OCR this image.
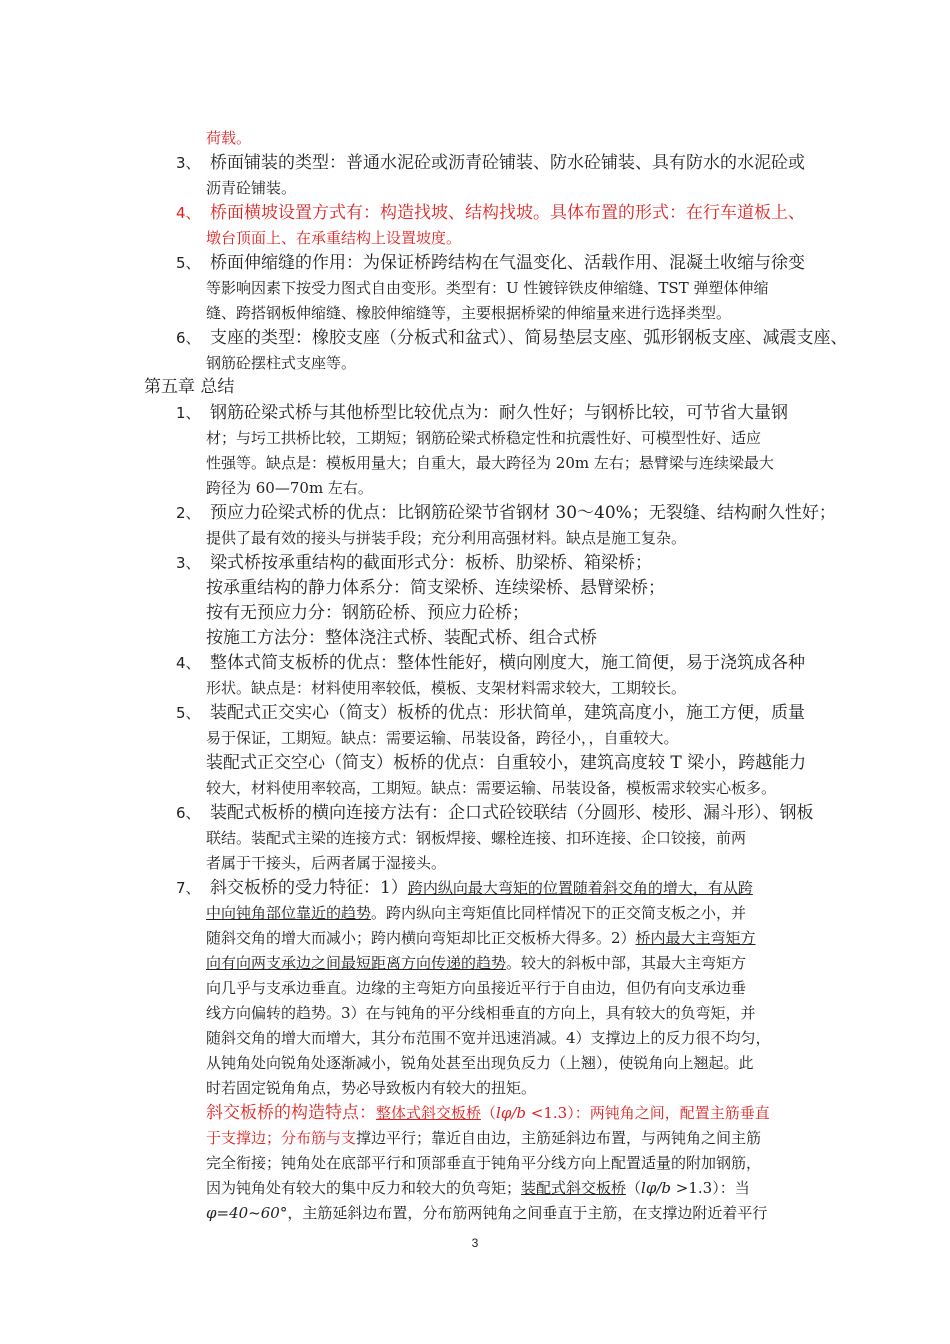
荷载。
3、 桥面铺装的类型：普通水泥砼或沥青砼铺装、防水砼铺装、具有防水的水泥砼或
沥青砼铺装。
4、 桥面横坡设置方式有：构造找坡、结构找坡。具体布置的形式：在行车道板上、
墩台顶面上、在承重结构上设置坡度。
5、 桥面伸缩缝的作用：为保证桥跨结构在气温变化、活载作用、混凝土收缩与徐变
等影响因素下按受力图式自由变形。类型有：U 性镀锌铁皮伸缩缝、TST 弹塑体伸缩
缝、跨搭钢板伸缩缝、橡胶伸缩缝等，主要根据桥梁的伸缩量来进行选择类型。
6、 支座的类型：橡胶支座（分板式和盆式）、简易垫层支座、弧形钢板支座、减震支座、
钢筋砼摆柱式支座等。
第五章 总结
1、 钢筋砼梁式桥与其他桥型比较优点为：耐久性好；与钢桥比较，可节省大量钢
材；与圬工拱桥比较，工期短；钢筋砼梁式桥稳定性和抗震性好、可模型性好、适应
性强等。缺点是：模板用量大；自重大，最大跨径为 20m 左右；悬臂梁与连续梁最大
跨径为 60—70m 左右。
2、 预应力砼梁式桥的优点：比钢筋砼梁节省钢材 30～40%；无裂缝、结构耐久性好；
提供了最有效的接头与拼装手段；充分利用高强材料。缺点是施工复杂。
3、 梁式桥按承重结构的截面形式分：板桥、肋梁桥、箱梁桥；
按承重结构的静力体系分：简支梁桥、连续梁桥、悬臂梁桥；
按有无预应力分：钢筋砼桥、预应力砼桥；
按施工方法分：整体浇注式桥、装配式桥、组合式桥
4、 整体式简支板桥的优点：整体性能好，横向刚度大，施工简便，易于浇筑成各种
形状。缺点是：材料使用率较低，模板、支架材料需求较大，工期较长。
5、 装配式正交实心（简支）板桥的优点：形状简单，建筑高度小，施工方便，质量
易于保证，工期短。缺点：需要运输、吊装设备，跨径小，，自重较大。
装配式正交空心（简支）板桥的优点：自重较小，建筑高度较 T 梁小，跨越能力
较大，材料使用率较高，工期短。缺点：需要运输、吊装设备，模板需求较实心板多。
6、 装配式板桥的横向连接方法有：企口式砼铰联结（分圆形、棱形、漏斗形）、钢板
联结。装配式主梁的连接方式：钢板焊接、螺栓连接、扣环连接、企口铰接，前两
者属于干接头，后两者属于湿接头。
7、 斜交板桥的受力特征：1）跨内纵向最大弯矩的位置随着斜交角的增大，有从跨
中向钝角部位靠近的趋势。跨内纵向主弯矩值比同样情况下的正交简支板之小，并
随斜交角的增大而减小；跨内横向弯矩却比正交板桥大得多。2）桥内最大主弯矩方
向有向两支承边之间最短距离方向传递的趋势。较大的斜板中部，其最大主弯矩方
向几乎与支承边垂直。边缘的主弯矩方向虽接近平行于自由边，但仍有向支承边垂
线方向偏转的趋势。3）在与钝角的平分线相垂直的方向上，具有较大的负弯矩，并
随斜交角的增大而增大，其分布范围不宽并迅速消减。4）支撑边上的反力很不均匀，
从钝角处向锐角处逐渐减小，锐角处甚至出现负反力（上翘），使锐角向上翘起。此
时若固定锐角角点，势必导致板内有较大的扭矩。
斜交板桥的构造特点：整体式斜交板桥（lφ/b <1.3）：两钝角之间，配置主筋垂直
于支撑边；分布筋与支撑边平行；靠近自由边，主筋延斜边布置，与两钝角之间主筋
完全衔接；钝角处在底部平行和顶部垂直于钝角平分线方向上配置适量的附加钢筋，
因为钝角处有较大的集中反力和较大的负弯矩；装配式斜交板桥（lφ/b >1.3）：当
φ=40~60°，主筋延斜边布置，分布筋两钝角之间垂直于主筋，在支撑边附近着平行
3
